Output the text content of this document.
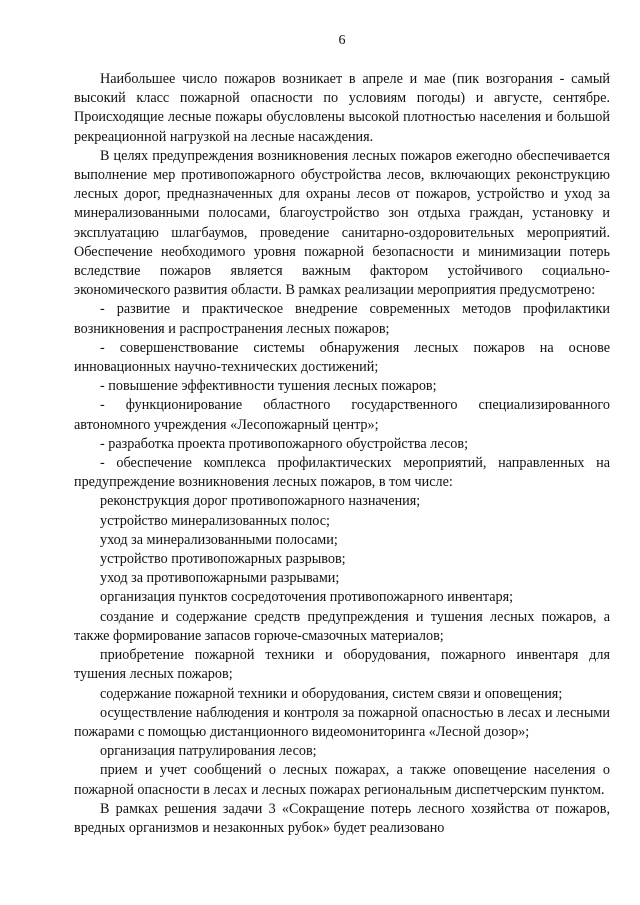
6

Наибольшее число пожаров возникает в апреле и мае (пик возгорания - самый высокий класс пожарной опасности по условиям погоды) и августе, сентябре. Происходящие лесные пожары обусловлены высокой плотностью населения и большой рекреационной нагрузкой на лесные насаждения.

В целях предупреждения возникновения лесных пожаров ежегодно обеспечивается выполнение мер противопожарного обустройства лесов, включающих реконструкцию лесных дорог, предназначенных для охраны лесов от пожаров, устройство и уход за минерализованными полосами, благоустройство зон отдыха граждан, установку и эксплуатацию шлагбаумов, проведение санитарно-оздоровительных мероприятий. Обеспечение необходимого уровня пожарной безопасности и минимизации потерь вследствие пожаров является важным фактором устойчивого социально-экономического развития области. В рамках реализации мероприятия предусмотрено:

- развитие и практическое внедрение современных методов профилактики возникновения и распространения лесных пожаров;

- совершенствование системы обнаружения лесных пожаров на основе инновационных научно-технических достижений;

- повышение эффективности тушения лесных пожаров;

- функционирование областного государственного специализированного автономного учреждения «Лесопожарный центр»;

- разработка проекта противопожарного обустройства лесов;

- обеспечение комплекса профилактических мероприятий, направленных на предупреждение возникновения лесных пожаров, в том числе:

реконструкция дорог противопожарного назначения;

устройство минерализованных полос;

уход за минерализованными полосами;

устройство противопожарных разрывов;

уход за противопожарными разрывами;

организация пунктов сосредоточения противопожарного инвентаря;

создание и содержание средств предупреждения и тушения лесных пожаров, а также формирование запасов горюче-смазочных материалов;

приобретение пожарной техники и оборудования, пожарного инвентаря для тушения лесных пожаров;

содержание пожарной техники и оборудования, систем связи и оповещения;

осуществление наблюдения и контроля за пожарной опасностью в лесах и лесными пожарами с помощью дистанционного видеомониторинга «Лесной дозор»;

организация патрулирования лесов;

прием и учет сообщений о лесных пожарах, а также оповещение населения о пожарной опасности в лесах и лесных пожарах региональным диспетчерским пунктом.

В рамках решения задачи 3 «Сокращение потерь лесного хозяйства от пожаров, вредных организмов и незаконных рубок» будет реализовано
